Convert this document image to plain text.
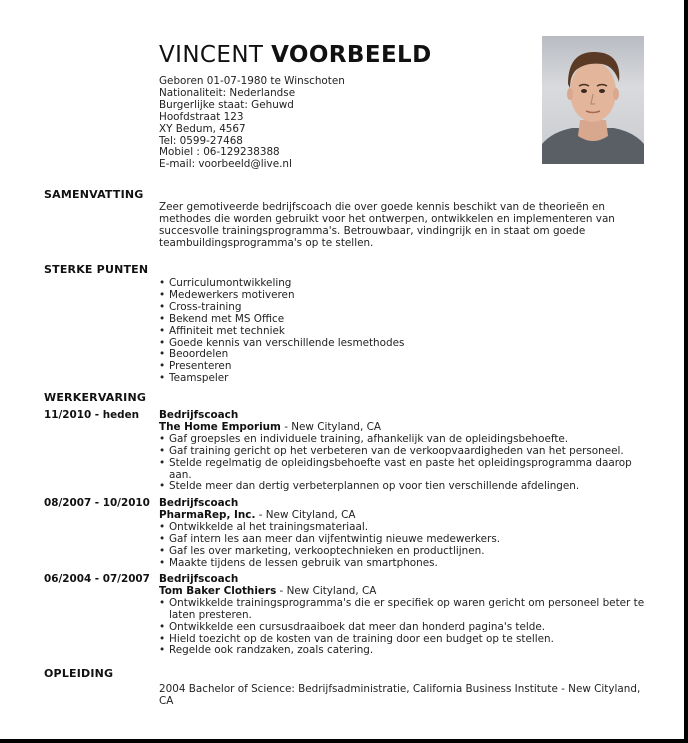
VINCENT VOORBEELD
Geboren 01-07-1980 te Winschoten
Nationaliteit: Nederlandse
Burgerlijke staat: Gehuwd
Hoofdstraat 123
XY Bedum, 4567
Tel: 0599-27468
Mobiel : 06-129238388
E-mail: voorbeeld@live.nl
SAMENVATTING
Zeer gemotiveerde bedrijfscoach die over goede kennis beschikt van de theorieën en methodes die worden gebruikt voor het ontwerpen, ontwikkelen en implementeren van succesvolle trainingsprogramma's. Betrouwbaar, vindingrijk en in staat om goede teambuildingsprogramma's op te stellen.
STERKE PUNTEN
• Curriculumontwikkeling
• Medewerkers motiveren
• Cross-training
• Bekend met MS Office
• Affiniteit met techniek
• Goede kennis van verschillende lesmethodes
• Beoordelen
• Presenteren
• Teamspeler
WERKERVARING
11/2010 - heden Bedrijfscoach
The Home Emporium - New Cityland, CA
• Gaf groepsles en individuele training, afhankelijk van de opleidingsbehoefte.
• Gaf training gericht op het verbeteren van de verkoopvaardigheden van het personeel.
• Stelde regelmatig de opleidingsbehoefte vast en paste het opleidingsprogramma daarop aan.
• Stelde meer dan dertig verbeterplannen op voor tien verschillende afdelingen.
08/2007 - 10/2010 Bedrijfscoach
PharmaRep, Inc. - New Cityland, CA
• Ontwikkelde al het trainingsmateriaal.
• Gaf intern les aan meer dan vijfentwintig nieuwe medewerkers.
• Gaf les over marketing, verkooptechnieken en productlijnen.
• Maakte tijdens de lessen gebruik van smartphones.
06/2004 - 07/2007 Bedrijfscoach
Tom Baker Clothiers - New Cityland, CA
• Ontwikkelde trainingsprogramma's die er specifiek op waren gericht om personeel beter te laten presteren.
• Ontwikkelde een cursusdraaiboek dat meer dan honderd pagina's telde.
• Hield toezicht op de kosten van de training door een budget op te stellen.
• Regelde ook randzaken, zoals catering.
OPLEIDING
2004 Bachelor of Science: Bedrijfsadministratie, California Business Institute - New Cityland, CA
